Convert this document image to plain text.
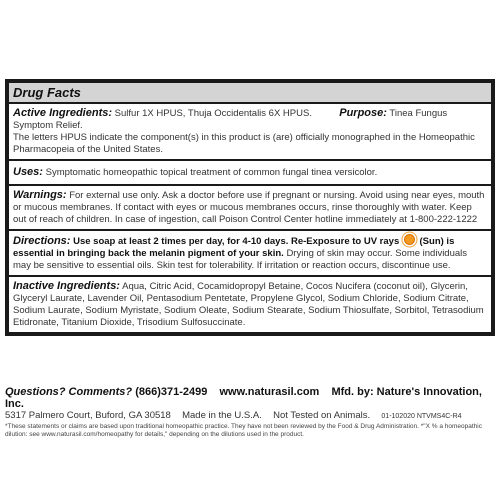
Drug Facts
Active Ingredients: Sulfur 1X HPUS, Thuja Occidentalis 6X HPUS. Purpose: Tinea Fungus Symptom Relief.
The letters HPUS indicate the component(s) in this product is (are) officially monographed in the Homeopathic Pharmacopeia of the United States.
Uses: Symptomatic homeopathic topical treatment of common fungal tinea versicolor.
Warnings: For external use only. Ask a doctor before use if pregnant or nursing. Avoid using near eyes, mouth or mucous membranes. If contact with eyes or mucous membranes occurs, rinse thoroughly with water. Keep out of reach of children. In case of ingestion, call Poison Control Center hotline immediately at 1-800-222-1222
Directions: Use soap at least 2 times per day, for 4-10 days. Re-Exposure to UV rays (Sun) is essential in bringing back the melanin pigment of your skin. Drying of skin may occur. Some individuals may be sensitive to essential oils. Skin test for tolerability. If irritation or reaction occurs, discontinue use.
Inactive Ingredients: Aqua, Citric Acid, Cocamidopropyl Betaine, Cocos Nucifera (coconut oil), Glycerin, Glyceryl Laurate, Lavender Oil, Pentasodium Pentetate, Propylene Glycol, Sodium Chloride, Sodium Citrate, Sodium Laurate, Sodium Myristate, Sodium Oleate, Sodium Stearate, Sodium Thiosulfate, Sorbitol, Tetrasodium Etidronate, Titanium Dioxide, Trisodium Sulfosuccinate.
Questions? Comments? (866)371-2499 www.naturasil.com Mfd. by: Nature's Innovation, Inc.
5317 Palmero Court, Buford, GA 30518 Made in the U.S.A. Not Tested on Animals. 01-102020 NTVMS4C-R4
*These statements or claims are based upon traditional homeopathic practice. They have not been reviewed by the Food & Drug Administration. *"X % a homeopathic dilution: see www.naturasil.com/homeopathy for details," depending on the dilutions used in the product.
